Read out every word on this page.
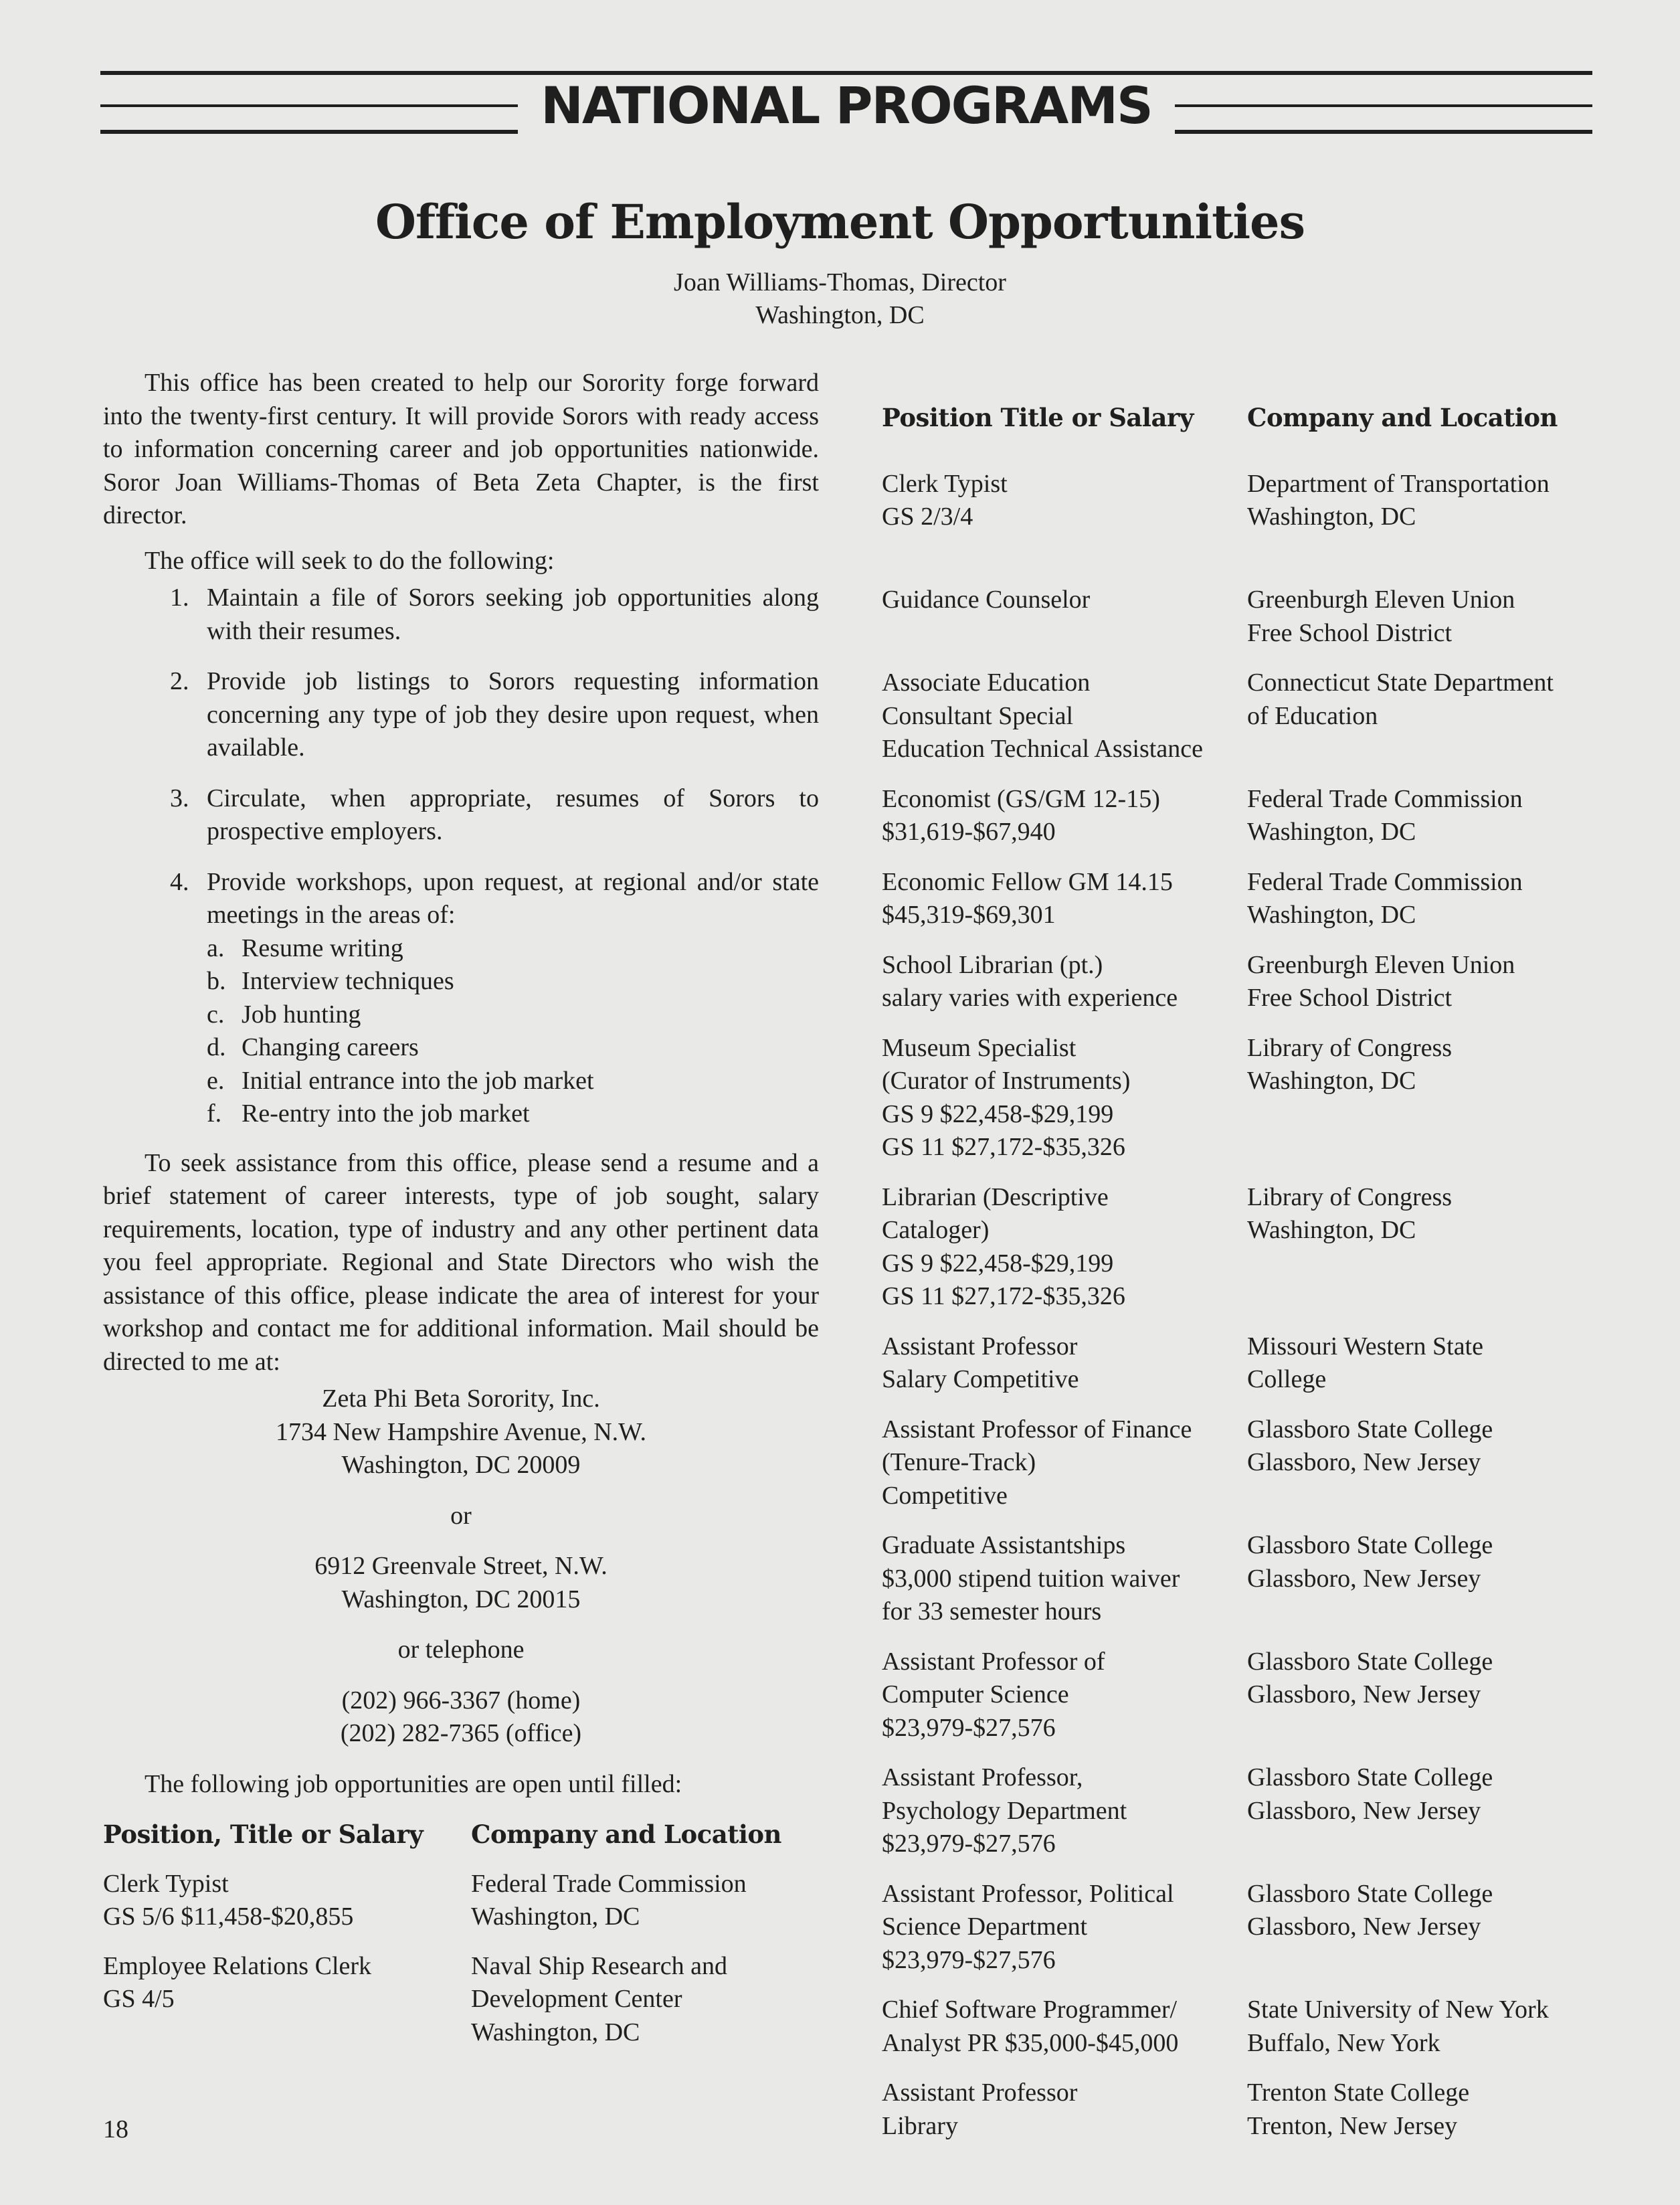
NATIONAL PROGRAMS
Office of Employment Opportunities
Joan Williams-Thomas, Director
Washington, DC

This office has been created to help our Sorority forge forward into the twenty-first century. It will provide Sorors with ready access to information concerning career and job opportunities nationwide. Soror Joan Williams-Thomas of Beta Zeta Chapter, is the first director.

The office will seek to do the following:

1. Maintain a file of Sorors seeking job opportunities along with their resumes.
2. Provide job listings to Sorors requesting information concerning any type of job they desire upon request, when available.
3. Circulate, when appropriate, resumes of Sorors to prospective employers.
4. Provide workshops, upon request, at regional and/or state meetings in the areas of:
a. Resume writing
b. Interview techniques
c. Job hunting
d. Changing careers
e. Initial entrance into the job market
f. Re-entry into the job market

To seek assistance from this office, please send a resume and a brief statement of career interests, type of job sought, salary requirements, location, type of industry and any other pertinent data you feel appropriate. Regional and State Directors who wish the assistance of this office, please indicate the area of interest for your workshop and contact me for additional information. Mail should be directed to me at:

Zeta Phi Beta Sorority, Inc.
1734 New Hampshire Avenue, N.W.
Washington, DC 20009
or
6912 Greenvale Street, N.W.
Washington, DC 20015
or telephone
(202) 966-3367 (home)
(202) 282-7365 (office)

The following job opportunities are open until filled:

Position, Title or Salary	Company and Location
Clerk Typist
GS 5/6 $11,458-$20,855
Federal Trade Commission
Washington, DC
Employee Relations Clerk
GS 4/5
Naval Ship Research and
Development Center
Washington, DC

Position Title or Salary

Clerk Typist
GS 2/3/4

Company and Location

Department of Transportation
Washington, DC

Guidance Counselor	Greenburgh Eleven Union
Free School District
Associate Education
Consultant Special
Connecticut State Department
of Education
Education Technical Assistance
Economist (GS/GM 12-15)
$31,619-$67,940
Federal Trade Commission
Washington, DC
Economic Fellow GM 14.15
$45,319-$69,301
Federal Trade Commission
Washington, DC
School Librarian (pt.)
salary varies with experience
Greenburgh Eleven Union
Free School District
Museum Specialist
(Curator of Instruments)
GS 9 $22,458-$29,199
GS 11 $27,172-$35,326
Library of Congress
Washington, DC
Librarian (Descriptive
Cataloger)
GS 9 $22,458-$29,199
GS 11 $27,172-$35,326
Library of Congress
Washington, DC
Assistant Professor
Salary Competitive
Missouri Western State
College
Assistant Professor of Finance
(Tenure-Track)
Competitive
Glassboro State College
Glassboro, New Jersey
Graduate Assistantships
$3,000 stipend tuition waiver
for 33 semester hours
Glassboro State College
Glassboro, New Jersey
Assistant Professor of
Computer Science
$23,979-$27,576
Glassboro State College
Glassboro, New Jersey
Assistant Professor,
Psychology Department
$23,979-$27,576
Glassboro State College
Glassboro, New Jersey
Assistant Professor, Political
Science Department
$23,979-$27,576
Glassboro State College
Glassboro, New Jersey
Chief Software Programmer/
Analyst PR $35,000-$45,000
State University of New York
Buffalo, New York
Assistant Professor
Library
Trenton State College
Trenton, New Jersey
18
